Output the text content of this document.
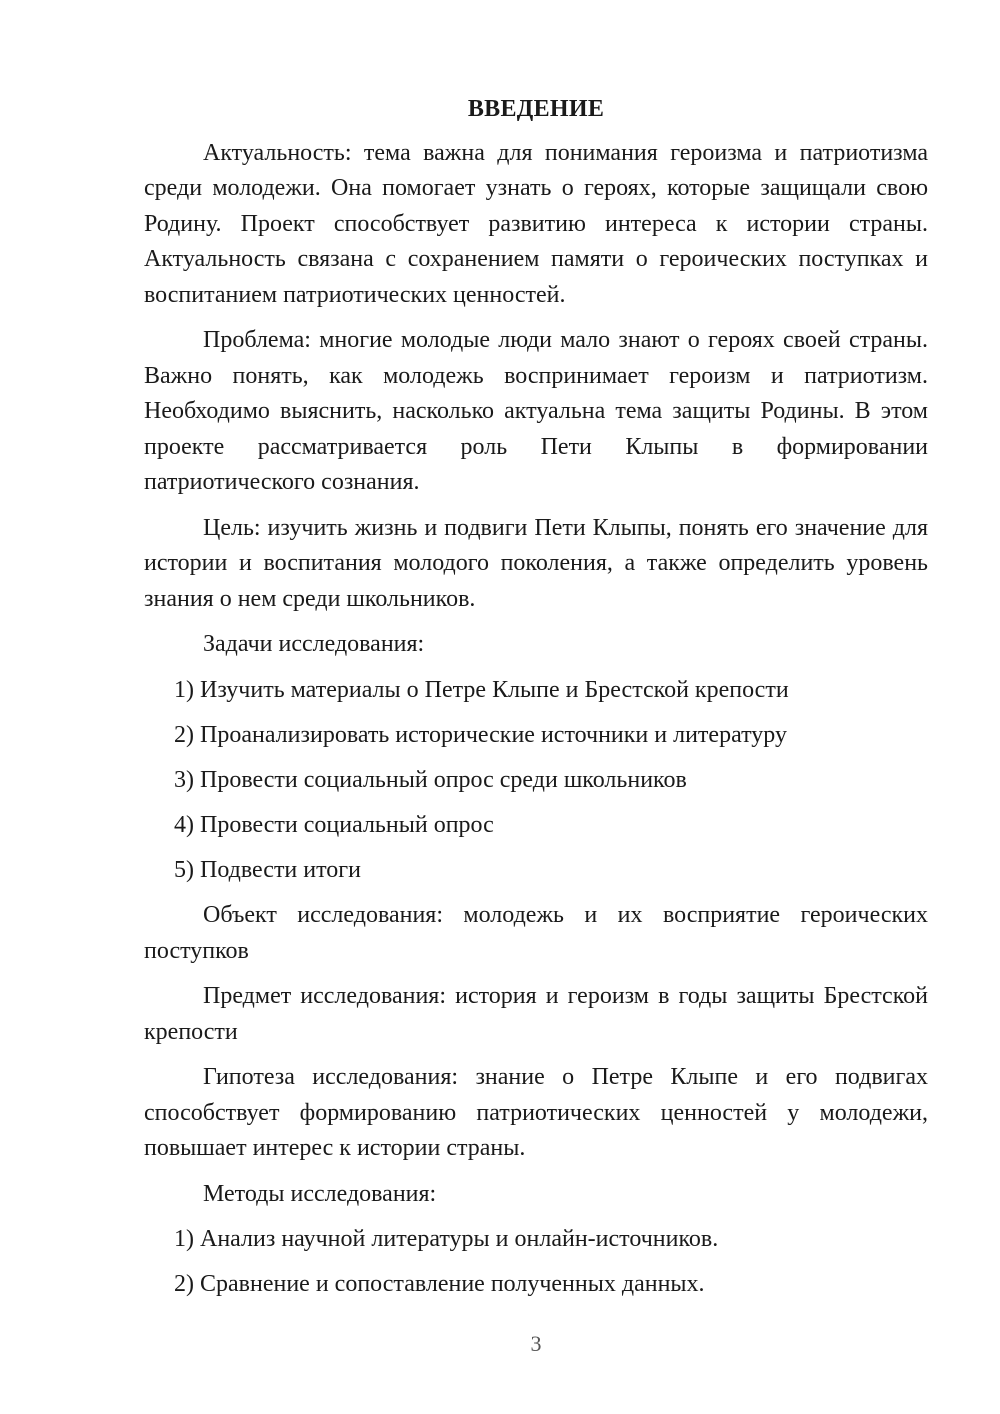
ВВЕДЕНИЕ

Актуальность: тема важна для понимания героизма и патриотизма среди молодежи. Она помогает узнать о героях, которые защищали свою Родину. Проект способствует развитию интереса к истории страны. Актуальность связана с сохранением памяти о героических поступках и воспитанием патриотических ценностей.

Проблема: многие молодые люди мало знают о героях своей страны. Важно понять, как молодежь воспринимает героизм и патриотизм. Необходимо выяснить, насколько актуальна тема защиты Родины. В этом проекте рассматривается роль Пети Клыпы в формировании патриотического сознания.

Цель: изучить жизнь и подвиги Пети Клыпы, понять его значение для истории и воспитания молодого поколения, а также определить уровень знания о нем среди школьников.

Задачи исследования:

1) Изучить материалы о Петре Клыпе и Брестской крепости
2) Проанализировать исторические источники и литературу
3) Провести социальный опрос среди школьников
4) Провести социальный опрос
5) Подвести итоги

Объект исследования: молодежь и их восприятие героических поступков

Предмет исследования: история и героизм в годы защиты Брестской крепости

Гипотеза исследования: знание о Петре Клыпе и его подвигах способствует формированию патриотических ценностей у молодежи, повышает интерес к истории страны.

Методы исследования:

1) Анализ научной литературы и онлайн-источников.
2) Сравнение и сопоставление полученных данных.
3
